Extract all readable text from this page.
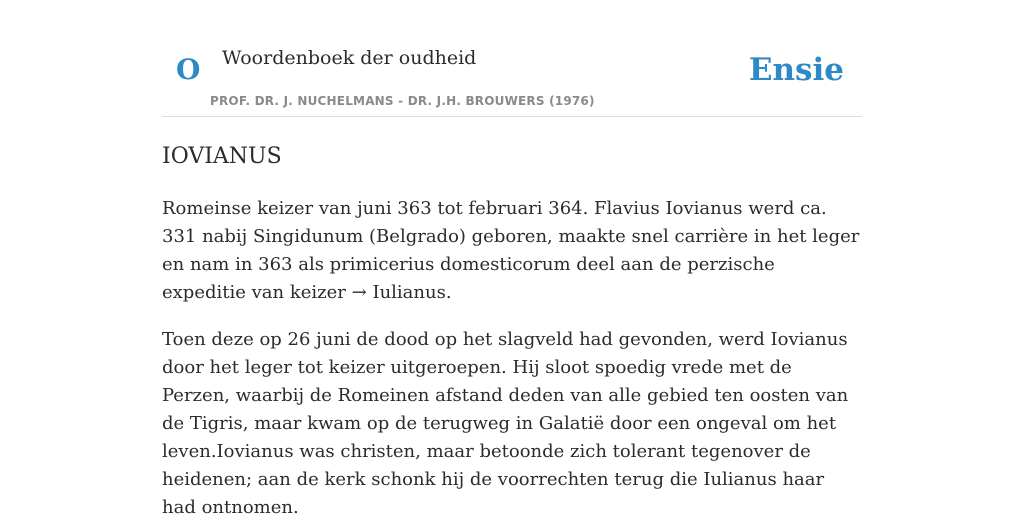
O Woordenboek der oudheid	Ensie
PROF. DR. J. NUCHELMANS - DR. J.H. BROUWERS (1976)
IOVIANUS

Romeinse keizer van juni 363 tot februari 364. Flavius Iovianus werd ca. 331 nabij Singidunum (Belgrado) geboren, maakte snel carrière in het leger en nam in 363 als primicerius domesticorum deel aan de perzische expeditie van keizer → Iulianus.

Toen deze op 26 juni de dood op het slagveld had gevonden, werd Iovianus door het leger tot keizer uitgeroepen. Hij sloot spoedig vrede met de Perzen, waarbij de Romeinen afstand deden van alle gebied ten oosten van de Tigris, maar kwam op de terugweg in Galatië door een ongeval om het leven.Iovianus was christen, maar betoonde zich tolerant tegenover de heidenen; aan de kerk schonk hij de voorrechten terug die Iulianus haar had ontnomen.
